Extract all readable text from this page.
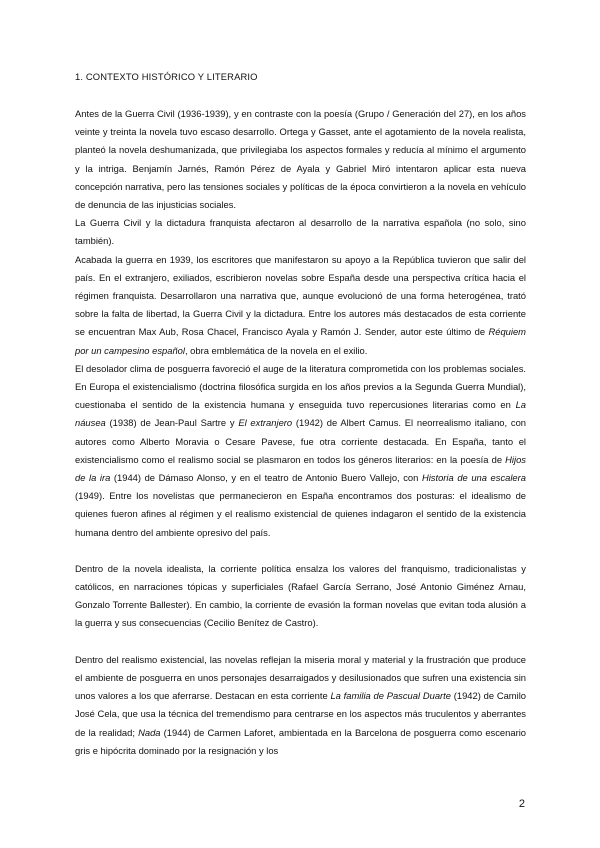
1. CONTEXTO HISTÓRICO Y LITERARIO

Antes de la Guerra Civil (1936-1939), y en contraste con la poesía (Grupo / Generación del 27), en los años veinte y treinta la novela tuvo escaso desarrollo. Ortega y Gasset, ante el agotamiento de la novela realista, planteó la novela deshumanizada, que privilegiaba los aspectos formales y reducía al mínimo el argumento y la intriga. Benjamín Jarnés, Ramón Pérez de Ayala y Gabriel Miró intentaron aplicar esta nueva concepción narrativa, pero las tensiones sociales y políticas de la época convirtieron a la novela en vehículo de denuncia de las injusticias sociales.

La Guerra Civil y la dictadura franquista afectaron al desarrollo de la narrativa española (no solo, sino también).

Acabada la guerra en 1939, los escritores que manifestaron su apoyo a la República tuvieron que salir del país. En el extranjero, exiliados, escribieron novelas sobre España desde una perspectiva crítica hacia el régimen franquista. Desarrollaron una narrativa que, aunque evolucionó de una forma heterogénea, trató sobre la falta de libertad, la Guerra Civil y la dictadura. Entre los autores más destacados de esta corriente se encuentran Max Aub, Rosa Chacel, Francisco Ayala y Ramón J. Sender, autor este último de Réquiem por un campesino español, obra emblemática de la novela en el exilio.

El desolador clima de posguerra favoreció el auge de la literatura comprometida con los problemas sociales. En Europa el existencialismo (doctrina filosófica surgida en los años previos a la Segunda Guerra Mundial), cuestionaba el sentido de la existencia humana y enseguida tuvo repercusiones literarias como en La náusea (1938) de Jean-Paul Sartre y El extranjero (1942) de Albert Camus. El neorrealismo italiano, con autores como Alberto Moravia o Cesare Pavese, fue otra corriente destacada. En España, tanto el existencialismo como el realismo social se plasmaron en todos los géneros literarios: en la poesía de Hijos de la ira (1944) de Dámaso Alonso, y en el teatro de Antonio Buero Vallejo, con Historia de una escalera (1949). Entre los novelistas que permanecieron en España encontramos dos posturas: el idealismo de quienes fueron afines al régimen y el realismo existencial de quienes indagaron el sentido de la existencia humana dentro del ambiente opresivo del país.

Dentro de la novela idealista, la corriente política ensalza los valores del franquismo, tradicionalistas y católicos, en narraciones tópicas y superficiales (Rafael García Serrano, José Antonio Giménez Arnau, Gonzalo Torrente Ballester). En cambio, la corriente de evasión la forman novelas que evitan toda alusión a la guerra y sus consecuencias (Cecilio Benítez de Castro).

Dentro del realismo existencial, las novelas reflejan la miseria moral y material y la frustración que produce el ambiente de posguerra en unos personajes desarraigados y desilusionados que sufren una existencia sin unos valores a los que aferrarse. Destacan en esta corriente La familia de Pascual Duarte (1942) de Camilo José Cela, que usa la técnica del tremendismo para centrarse en los aspectos más truculentos y aberrantes de la realidad; Nada (1944) de Carmen Laforet, ambientada en la Barcelona de posguerra como escenario gris e hipócrita dominado por la resignación y los

2
